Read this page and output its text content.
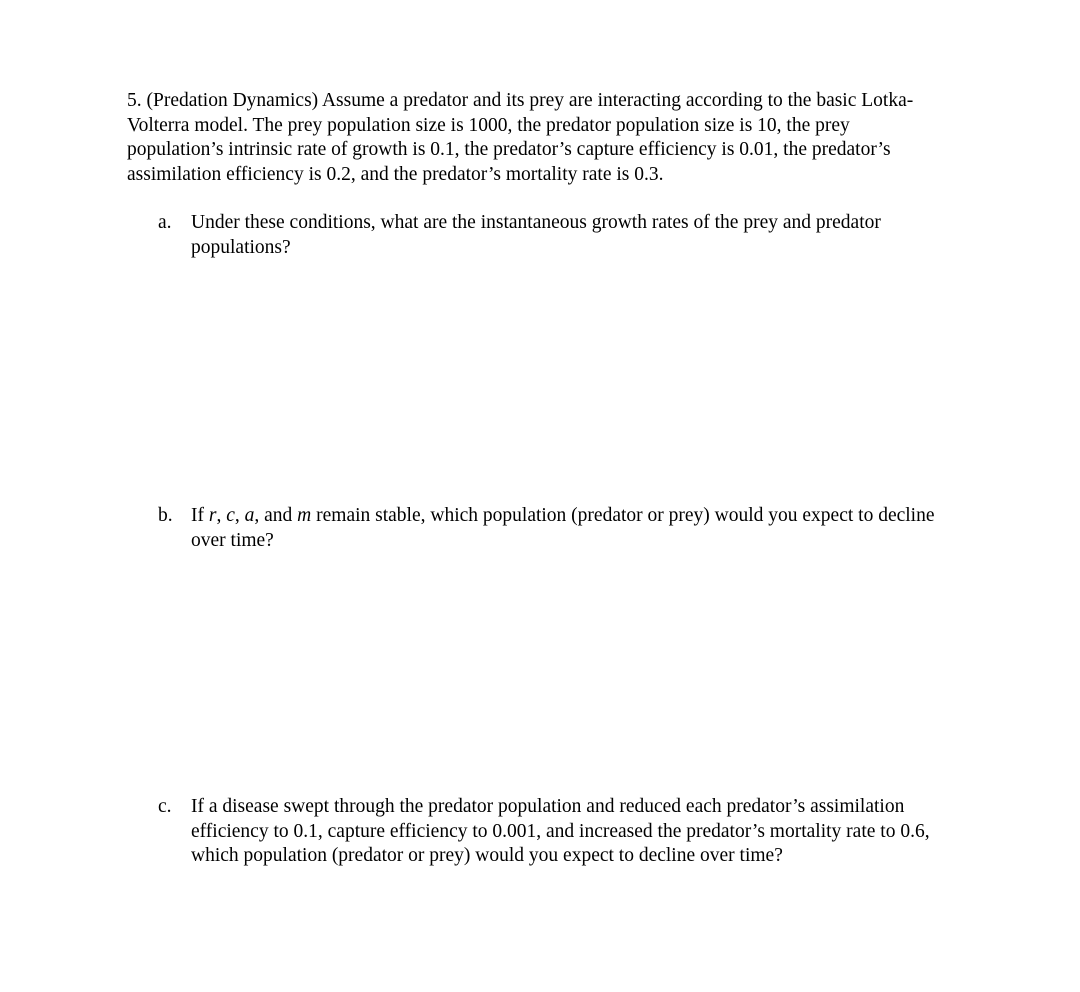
5. (Predation Dynamics) Assume a predator and its prey are interacting according to the basic Lotka-Volterra model. The prey population size is 1000, the predator population size is 10, the prey population’s intrinsic rate of growth is 0.1, the predator’s capture efficiency is 0.01, the predator’s assimilation efficiency is 0.2, and the predator’s mortality rate is 0.3.

a. Under these conditions, what are the instantaneous growth rates of the prey and predator populations?
b. If r, c, a, and m remain stable, which population (predator or prey) would you expect to decline over time?
c. If a disease swept through the predator population and reduced each predator’s assimilation efficiency to 0.1, capture efficiency to 0.001, and increased the predator’s mortality rate to 0.6, which population (predator or prey) would you expect to decline over time?
